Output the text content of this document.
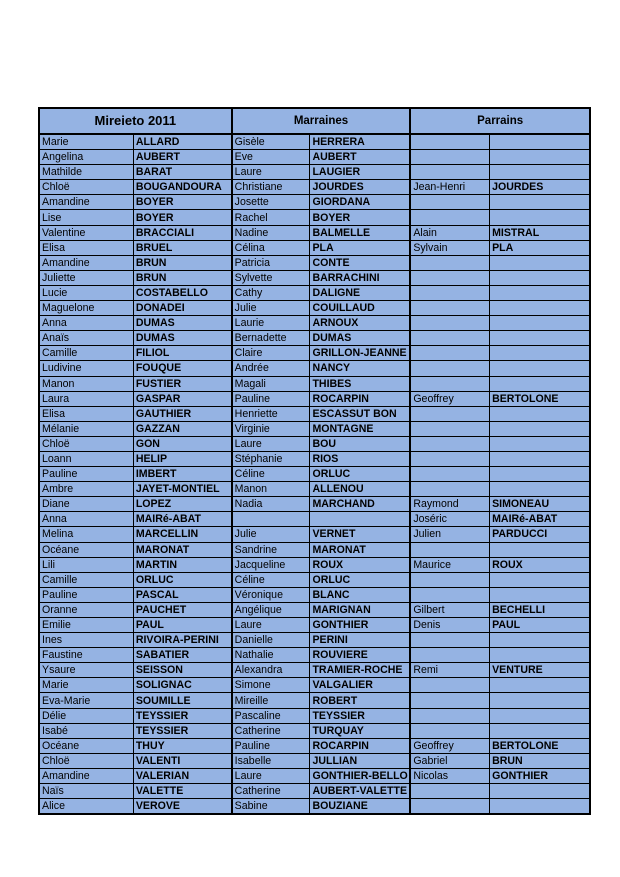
Mireieto 2011		Marraines		Parrains	
Marie	ALLARD	Gisèle	HERRERA		
Angelina	AUBERT	Eve	AUBERT		
Mathilde	BARAT	Laure	LAUGIER		
Chloë	BOUGANDOURA	Christiane	JOURDES	Jean-Henri	JOURDES
Amandine	BOYER	Josette	GIORDANA		
Lise	BOYER	Rachel	BOYER		
Valentine	BRACCIALI	Nadine	BALMELLE	Alain	MISTRAL
Elisa	BRUEL	Célina	PLA	Sylvain	PLA
Amandine	BRUN	Patricia	CONTE		
Juliette	BRUN	Sylvette	BARRACHINI		
Lucie	COSTABELLO	Cathy	DALIGNE		
Maguelone	DONADEI	Julie	COUILLAUD		
Anna	DUMAS	Laurie	ARNOUX		
Anaïs	DUMAS	Bernadette	DUMAS		
Camille	FILIOL	Claire	GRILLON-JEANNE		
Ludivine	FOUQUE	Andrée	NANCY		
Manon	FUSTIER	Magali	THIBES		
Laura	GASPAR	Pauline	ROCARPIN	Geoffrey	BERTOLONE
Elisa	GAUTHIER	Henriette	ESCASSUT BON		
Mélanie	GAZZAN	Virginie	MONTAGNE		
Chloë	GON	Laure	BOU		
Loann	HELIP	Stéphanie	RIOS		
Pauline	IMBERT	Céline	ORLUC		
Ambre	JAYET-MONTIEL	Manon	ALLENOU		
Diane	LOPEZ	Nadia	MARCHAND	Raymond	SIMONEAU
Anna	MAIRé-ABAT			Joséric	MAIRé-ABAT
Melina	MARCELLIN	Julie	VERNET	Julien	PARDUCCI
Océane	MARONAT	Sandrine	MARONAT		
Lili	MARTIN	Jacqueline	ROUX	Maurice	ROUX
Camille	ORLUC	Céline	ORLUC		
Pauline	PASCAL	Véronique	BLANC		
Oranne	PAUCHET	Angélique	MARIGNAN	Gilbert	BECHELLI
Emilie	PAUL	Laure	GONTHIER	Denis	PAUL
Ines	RIVOIRA-PERINI	Danielle	PERINI		
Faustine	SABATIER	Nathalie	ROUVIERE		
Ysaure	SEISSON	Alexandra	TRAMIER-ROCHE	Remi	VENTURE
Marie	SOLIGNAC	Simone	VALGALIER		
Eva-Marie	SOUMILLE	Mireille	ROBERT		
Délie	TEYSSIER	Pascaline	TEYSSIER		
Isabé	TEYSSIER	Catherine	TURQUAY		
Océane	THUY	Pauline	ROCARPIN	Geoffrey	BERTOLONE
Chloë	VALENTI	Isabelle	JULLIAN	Gabriel	BRUN
Amandine	VALERIAN	Laure	GONTHIER-BELLO	Nicolas	GONTHIER
Naïs	VALETTE	Catherine	AUBERT-VALETTE		
Alice	VEROVE	Sabine	BOUZIANE		
